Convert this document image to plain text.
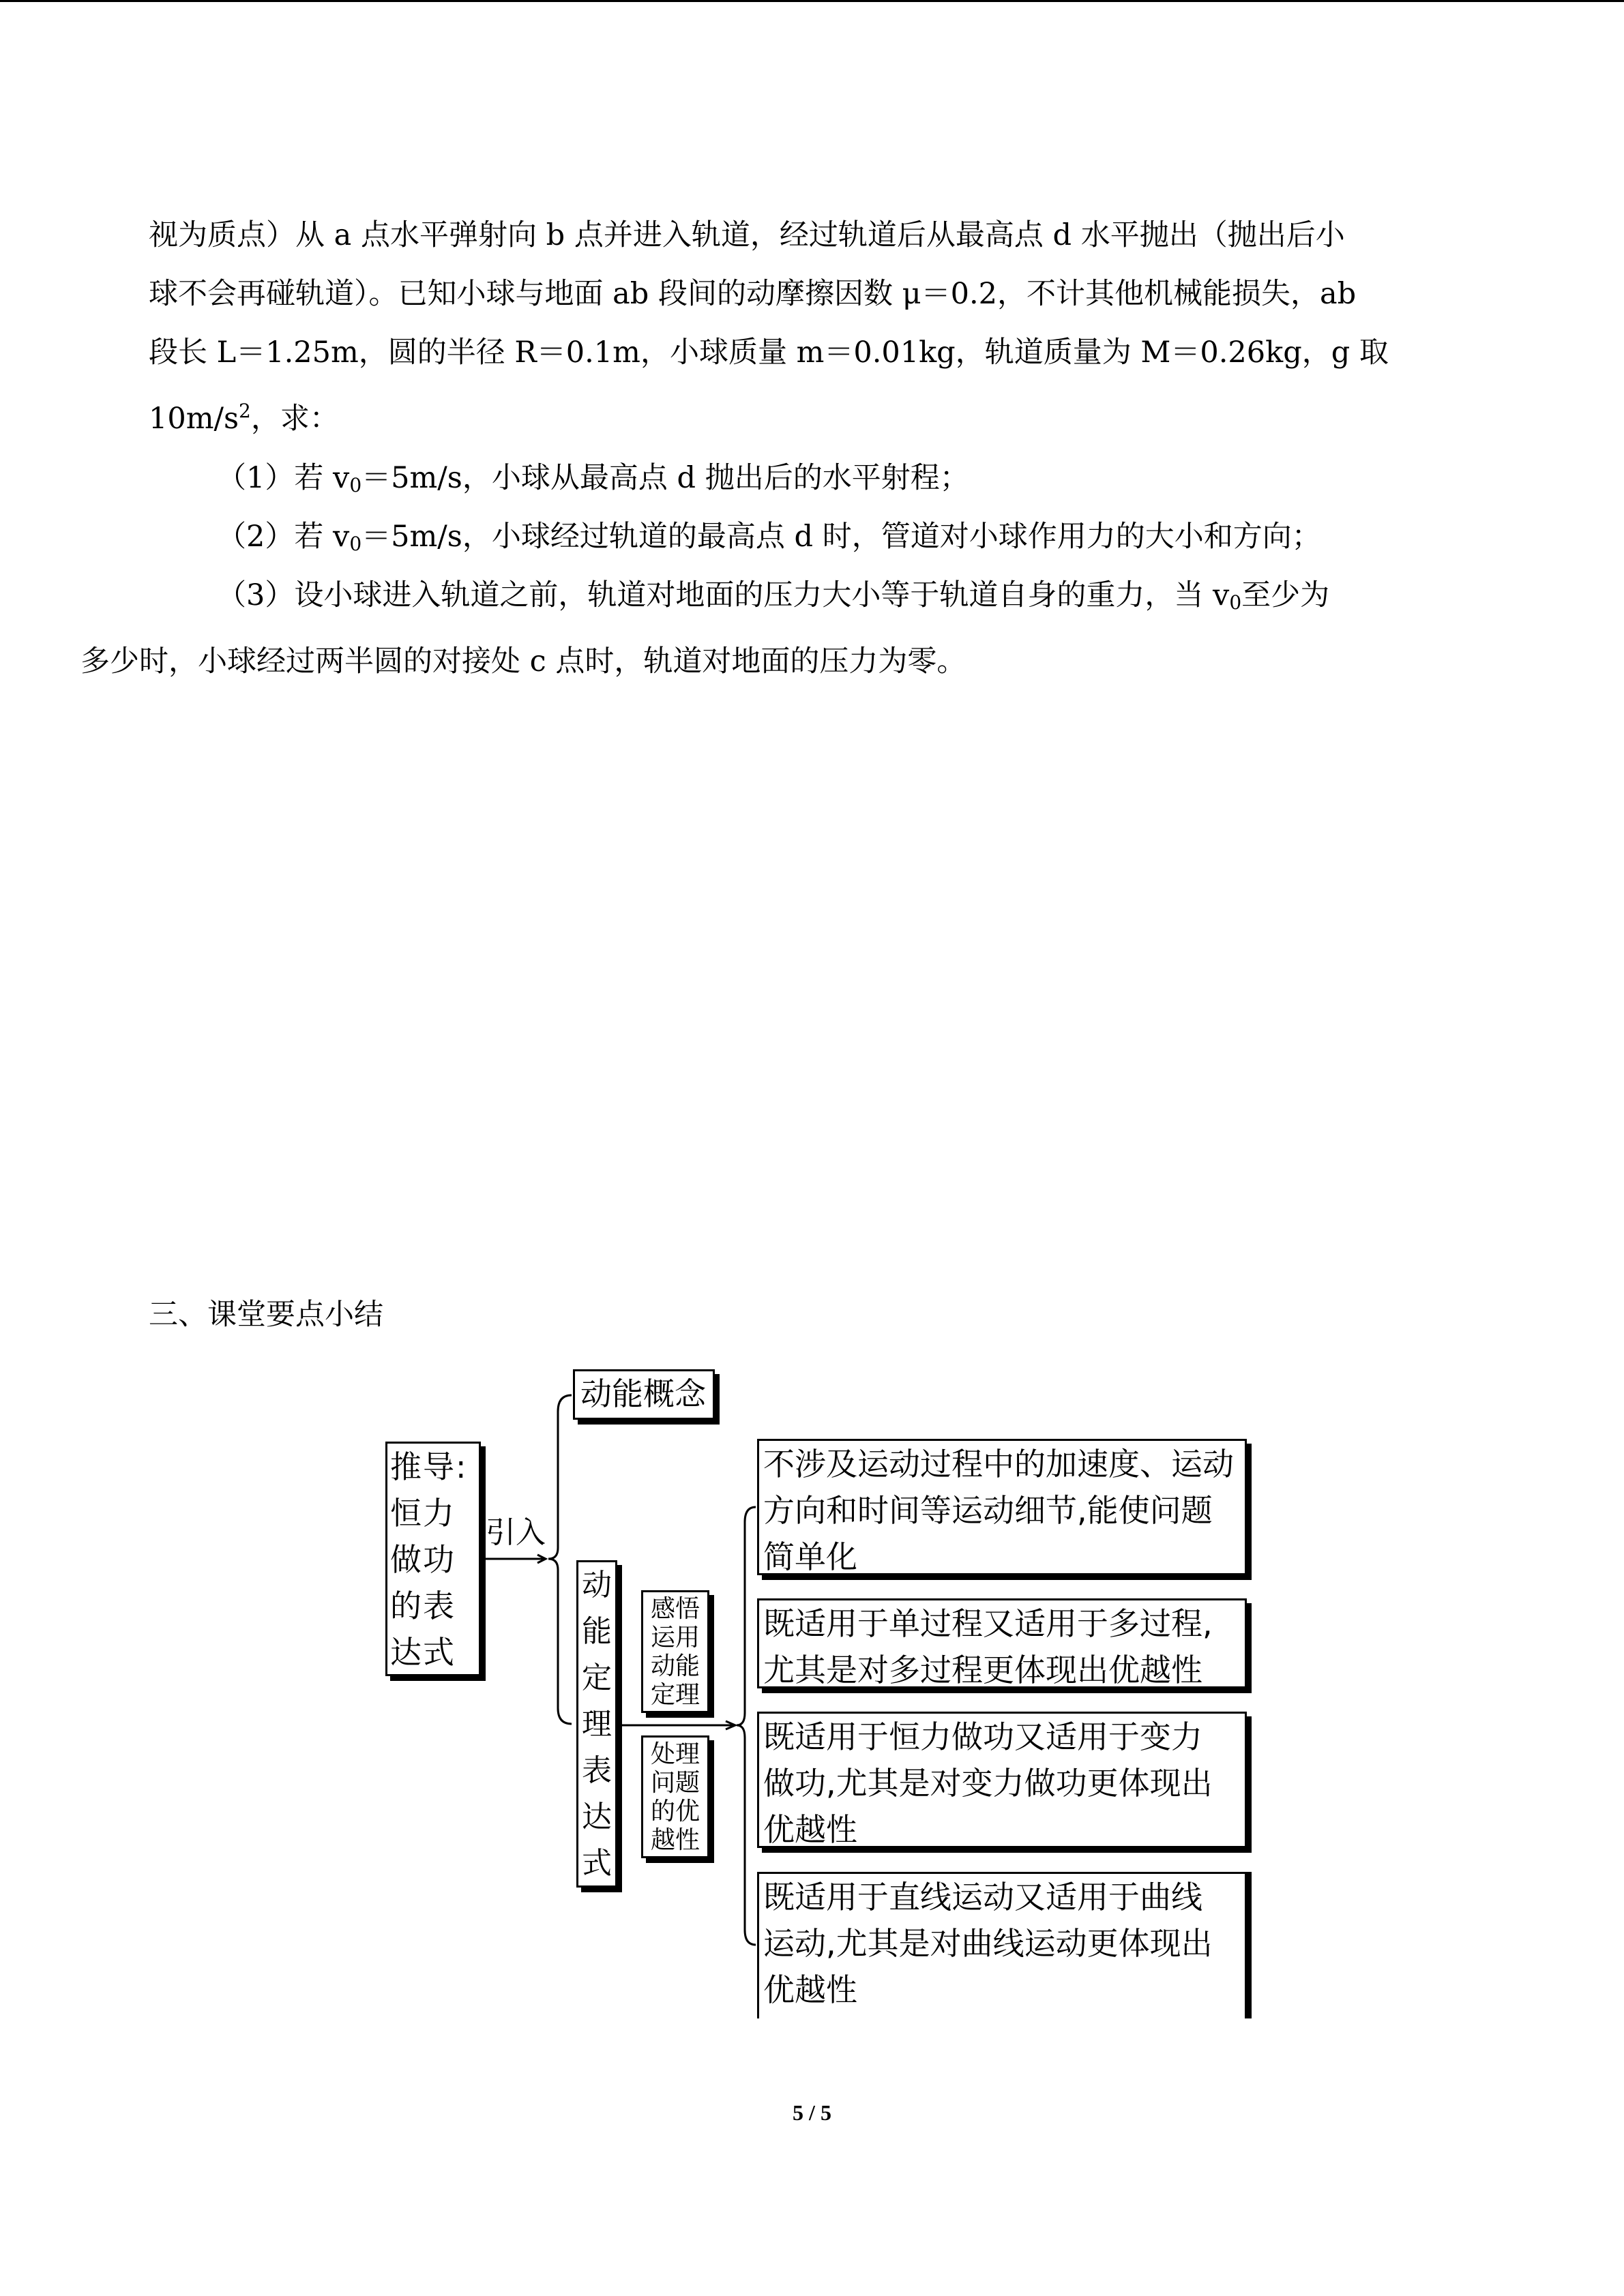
视为质点）从 a 点水平弹射向 b 点并进入轨道，经过轨道后从最高点 d 水平抛出（抛出后小
球不会再碰轨道）。已知小球与地面 ab 段间的动摩擦因数 μ＝0.2，不计其他机械能损失，ab
段长 L＝1.25m，圆的半径 R＝0.1m，小球质量 m＝0.01kg，轨道质量为 M＝0.26kg，g 取
$10m/s^2$，求：

（1）若 $v_0=5m/s$，小球从最高点 d 抛出后的水平射程；

（2）若 $v_0=5m/s$，小球经过轨道的最高点 d 时，管道对小球作用力的大小和方向；

（3）设小球进入轨道之前，轨道对地面的压力大小等于轨道自身的重力，当 $v_0$至少为
多少时，小球经过两半圆的对接处 c 点时，轨道对地面的压力为零。

三、课堂要点小结

推导:
恒力
做功
的表
达式
引入
动能概念
动
能
定
理
表
达
式
感悟
运用
动能
定理
处理
问题
的优
越性
不涉及运动过程中的加速度、运动
方向和时间等运动细节,能使问题
简单化
既适用于单过程又适用于多过程,
尤其是对多过程更体现出优越性
既适用于恒力做功又适用于变力
做功,尤其是对变力做功更体现出
优越性
既适用于直线运动又适用于曲线
运动,尤其是对曲线运动更体现出
优越性
5 / 5
